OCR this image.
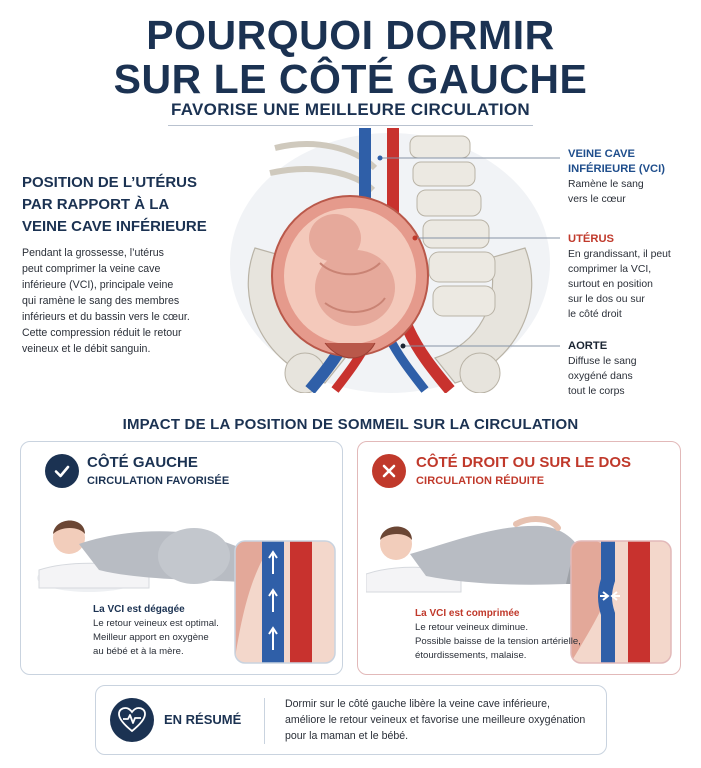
POURQUOI DORMIR
SUR LE CÔTÉ GAUCHE
FAVORISE UNE MEILLEURE CIRCULATION
POSITION DE L’UTÉRUS
PAR RAPPORT À LA
VEINE CAVE INFÉRIEURE
Pendant la grossesse, l’utérus
peut comprimer la veine cave
inférieure (VCI), principale veine
qui ramène le sang des membres
inférieurs et du bassin vers le cœur.
Cette compression réduit le retour
veineux et le débit sanguin.
VEINE CAVE
INFÉRIEURE (VCI)
Ramène le sang
vers le cœur
UTÉRUS
En grandissant, il peut
comprimer la VCI,
surtout en position
sur le dos ou sur
le côté droit
AORTE
Diffuse le sang
oxygéné dans
tout le corps
IMPACT DE LA POSITION DE SOMMEIL SUR LA CIRCULATION
CÔTÉ GAUCHE
CIRCULATION FAVORISÉE
La VCI est dégagée
Le retour veineux est optimal.
Meilleur apport en oxygène
au bébé et à la mère.
CÔTÉ DROIT OU SUR LE DOS
CIRCULATION RÉDUITE
La VCI est comprimée
Le retour veineux diminue.
Possible baisse de la tension artérielle,
étourdissements, malaise.
EN RÉSUMÉ
Dormir sur le côté gauche libère la veine cave inférieure,
améliore le retour veineux et favorise une meilleure oxygénation
pour la maman et le bébé.
